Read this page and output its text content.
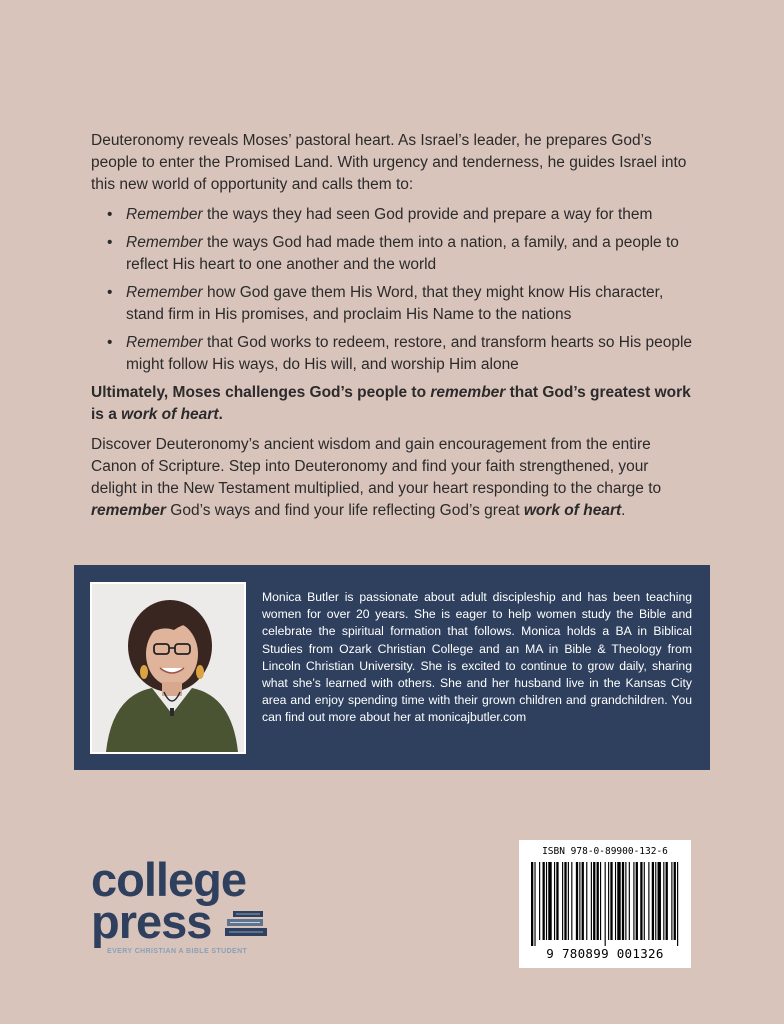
Deuteronomy reveals Moses’ pastoral heart. As Israel’s leader, he prepares God’s people to enter the Promised Land. With urgency and tenderness, he guides Israel into this new world of opportunity and calls them to:

• Remember the ways they had seen God provide and prepare a way for them
• Remember the ways God had made them into a nation, a family, and a people to reflect His heart to one another and the world
• Remember how God gave them His Word, that they might know His character, stand firm in His promises, and proclaim His Name to the nations
• Remember that God works to redeem, restore, and transform hearts so His people might follow His ways, do His will, and worship Him alone

Ultimately, Moses challenges God’s people to remember that God’s greatest work is a work of heart.

Discover Deuteronomy’s ancient wisdom and gain encouragement from the entire Canon of Scripture. Step into Deuteronomy and find your faith strengthened, your delight in the New Testament multiplied, and your heart responding to the charge to remember God’s ways and find your life reflecting God’s great work of heart.

Monica Butler is passionate about adult discipleship and has been teaching women for over 20 years. She is eager to help women study the Bible and celebrate the spiritual formation that follows. Monica holds a BA in Biblical Studies from Ozark Christian College and an MA in Bible & Theology from Lincoln Christian University. She is excited to continue to grow daily, sharing what she’s learned with others. She and her husband live in the Kansas City area and enjoy spending time with their grown children and grandchildren. You can find out more about her at monicajbutler.com

college
press
EVERY CHRISTIAN A BIBLE STUDENT
ISBN 978-0-89900-132-6
9 780899 001326
